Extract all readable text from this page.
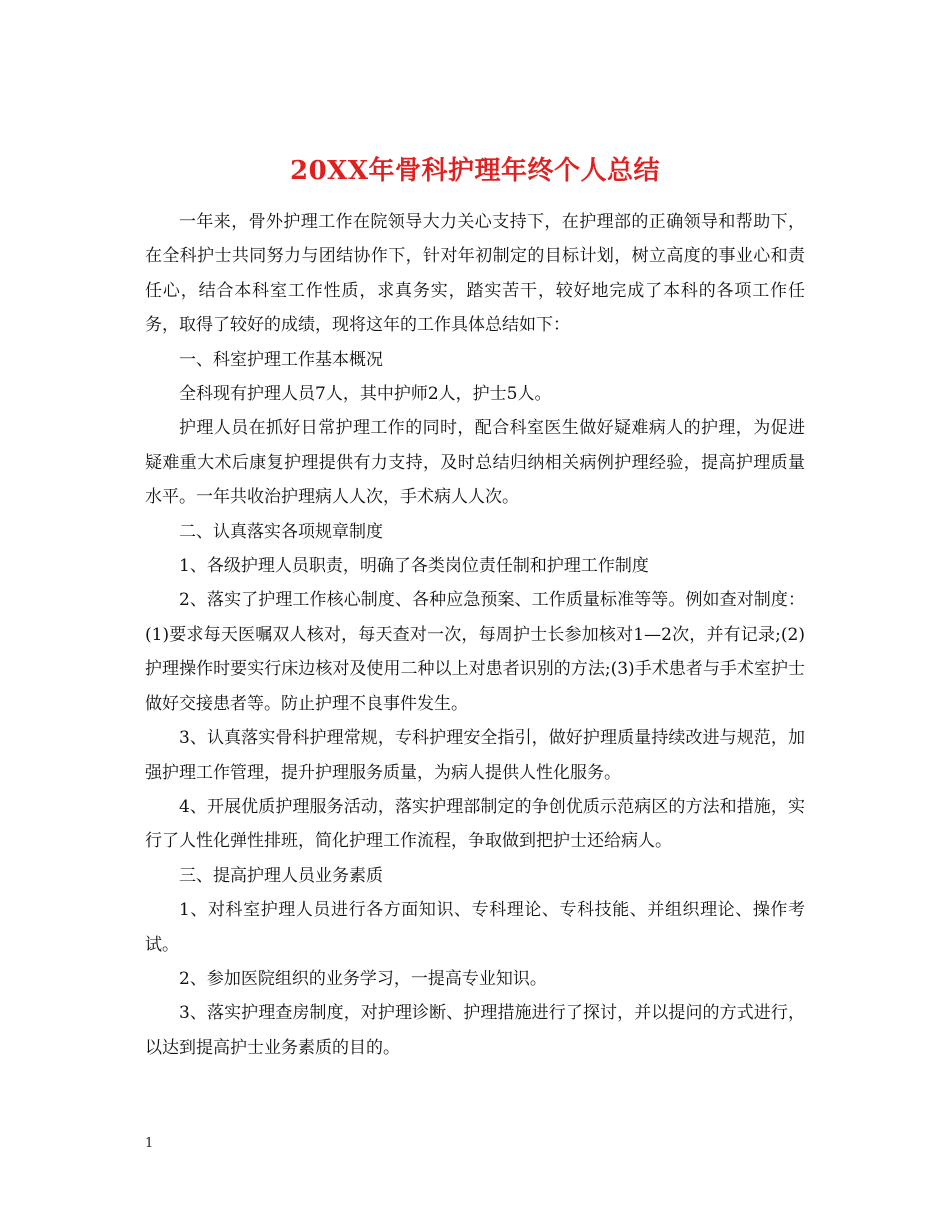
20XX年骨科护理年终个人总结

一年来，骨外护理工作在院领导大力关心支持下，在护理部的正确领导和帮助下，在全科护士共同努力与团结协作下，针对年初制定的目标计划，树立高度的事业心和责任心，结合本科室工作性质，求真务实，踏实苦干，较好地完成了本科的各项工作任务，取得了较好的成绩，现将这年的工作具体总结如下：

一、科室护理工作基本概况

全科现有护理人员7人，其中护师2人，护士5人。

护理人员在抓好日常护理工作的同时，配合科室医生做好疑难病人的护理，为促进疑难重大术后康复护理提供有力支持，及时总结归纳相关病例护理经验，提高护理质量水平。一年共收治护理病人人次，手术病人人次。

二、认真落实各项规章制度

1、各级护理人员职责，明确了各类岗位责任制和护理工作制度

2、落实了护理工作核心制度、各种应急预案、工作质量标准等等。例如查对制度：(1)要求每天医嘱双人核对，每天查对一次，每周护士长参加核对1—2次，并有记录;(2)护理操作时要实行床边核对及使用二种以上对患者识别的方法;(3)手术患者与手术室护士做好交接患者等。防止护理不良事件发生。

3、认真落实骨科护理常规，专科护理安全指引，做好护理质量持续改进与规范，加强护理工作管理，提升护理服务质量，为病人提供人性化服务。

4、开展优质护理服务活动，落实护理部制定的争创优质示范病区的方法和措施，实行了人性化弹性排班，简化护理工作流程，争取做到把护士还给病人。

三、提高护理人员业务素质

1、对科室护理人员进行各方面知识、专科理论、专科技能、并组织理论、操作考试。

2、参加医院组织的业务学习，一提高专业知识。

3、落实护理查房制度，对护理诊断、护理措施进行了探讨，并以提问的方式进行，以达到提高护士业务素质的目的。

1
